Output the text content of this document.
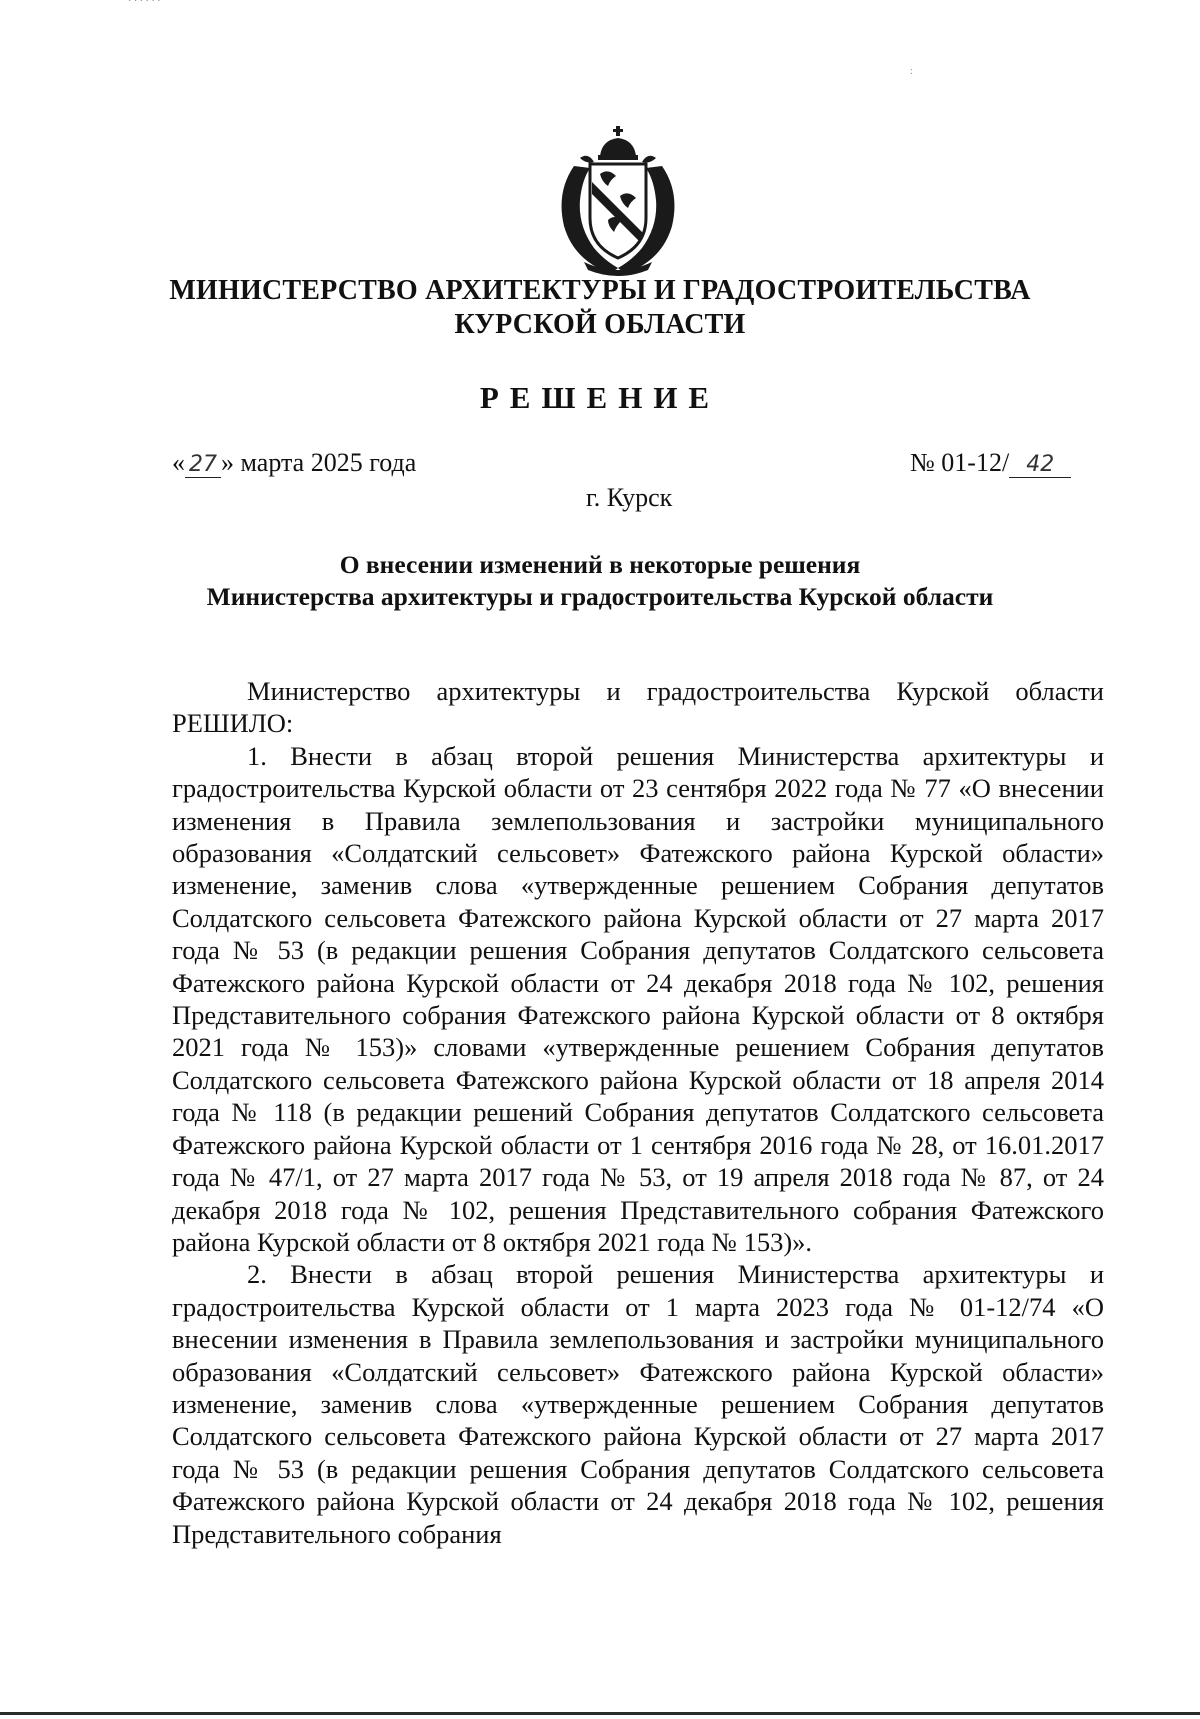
· · · · · ·
:
МИНИСТЕРСТВО АРХИТЕКТУРЫ И ГРАДОСТРОИТЕЛЬСТВА
КУРСКОЙ ОБЛАСТИ
РЕШЕНИЕ
« 27 » марта 2025 года	№ 01-12/ 42
г. Курск
О внесении изменений в некоторые решения
Министерства архитектуры и градостроительства Курской области

Министерство архитектуры и градостроительства Курской области РЕШИЛО:

1. Внести в абзац второй решения Министерства архитектуры и градостроительства Курской области от 23 сентября 2022 года № 77 «О внесении изменения в Правила землепользования и застройки муниципального образования «Солдатский сельсовет» Фатежского района Курской области» изменение, заменив слова «утвержденные решением Собрания депутатов Солдатского сельсовета Фатежского района Курской области от 27 марта 2017 года № 53 (в редакции решения Собрания депутатов Солдатского сельсовета Фатежского района Курской области от 24 декабря 2018 года № 102, решения Представительного собрания Фатежского района Курской области от 8 октября 2021 года № 153)» словами «утвержденные решением Собрания депутатов Солдатского сельсовета Фатежского района Курской области от 18 апреля 2014 года № 118 (в редакции решений Собрания депутатов Солдатского сельсовета Фатежского района Курской области от 1 сентября 2016 года № 28, от 16.01.2017 года № 47/1, от 27 марта 2017 года № 53, от 19 апреля 2018 года № 87, от 24 декабря 2018 года № 102, решения Представительного собрания Фатежского района Курской области от 8 октября 2021 года № 153)».

2. Внести в абзац второй решения Министерства архитектуры и градостроительства Курской области от 1 марта 2023 года № 01-12/74 «О внесении изменения в Правила землепользования и застройки муниципального образования «Солдатский сельсовет» Фатежского района Курской области» изменение, заменив слова «утвержденные решением Собрания депутатов Солдатского сельсовета Фатежского района Курской области от 27 марта 2017 года № 53 (в редакции решения Собрания депутатов Солдатского сельсовета Фатежского района Курской области от 24 декабря 2018 года № 102, решения Представительного собрания
